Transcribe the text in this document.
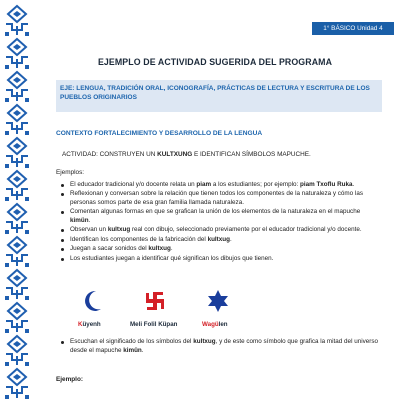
1° BÁSICO Unidad 4
EJEMPLO DE ACTIVIDAD SUGERIDA DEL PROGRAMA

EJE: LENGUA, TRADICIÓN ORAL, ICONOGRAFÍA, PRÁCTICAS DE LECTURA Y ESCRITURA DE LOS

PUEBLOS ORIGINARIOS

CONTEXTO FORTALECIMIENTO Y DESARROLLO DE LA LENGUA
ACTIVIDAD: CONSTRUYEN UN KULTXUNG E IDENTIFICAN SÍMBOLOS MAPUCHE.
Ejemplos:
El educador tradicional y/o docente relata un piam a los estudiantes; por ejemplo: piam Txoflu Ruka.
Reflexionan y conversan sobre la relación que tienen todos los componentes de la naturaleza y cómo las personas somos parte de esa gran familia llamada naturaleza.
Comentan algunas formas en que se grafican la unión de los elementos de la naturaleza en el mapuche kimün.
Observan un kultxug real con dibujo, seleccionado previamente por el educador tradicional y/o docente.
Identifican los componentes de la fabricación del kultxug.
Juegan a sacar sonidos del kultxug.
Los estudiantes juegan a identificar qué significan los dibujos que tienen.
Küyenh	Meli Folil Küpan	Wagülen
Escuchan el significado de los símbolos del kultxug, y de este como símbolo que grafica la mitad del universo desde el mapuche kimün.
Ejemplo:
